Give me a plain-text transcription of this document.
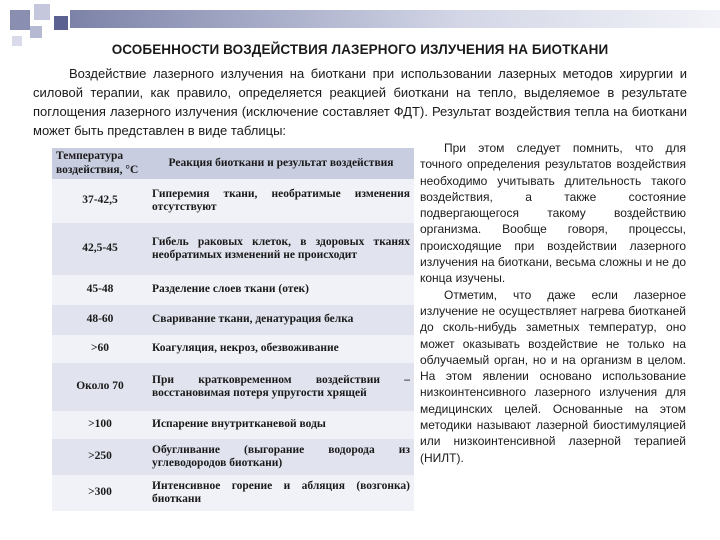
ОСОБЕННОСТИ ВОЗДЕЙСТВИЯ ЛАЗЕРНОГО ИЗЛУЧЕНИЯ НА БИОТКАНИ
Воздействие лазерного излучения на биоткани при использовании лазерных методов хирургии и силовой терапии, как правило, определяется реакцией биоткани на тепло, выделяемое в результате поглощения лазерного излучения (исключение составляет ФДТ). Результат воздействия тепла на биоткани может быть представлен в виде таблицы:
Температура воздействия, °С	Реакция биоткани и результат воздействия
37-42,5	Гиперемия ткани, необратимые изменения отсутствуют
42,5-45	Гибель раковых клеток, в здоровых тканях необратимых изменений не происходит
45-48	Разделение слоев ткани (отек)
48-60	Сваривание ткани, денатурация белка
>60	Коагуляция, некроз, обезвоживание
Около 70	При кратковременном воздействии – восстановимая потеря упругости хрящей
>100	Испарение внутритканевой воды
>250	Обугливание (выгорание водорода из углеводородов биоткани)
>300	Интенсивное горение и абляция (возгонка) биоткани

При этом следует помнить, что для точного определения результатов воздействия необходимо учитывать длительность такого воздействия, а также состояние подвергающегося такому воздействию организма. Вообще говоря, процессы, происходящие при воздействии лазерного излучения на биоткани, весьма сложны и не до конца изучены.

Отметим, что даже если лазерное излучение не осуществляет нагрева биотканей до сколь-нибудь заметных температур, оно может оказывать воздействие не только на облучаемый орган, но и на организм в целом. На этом явлении основано использование низкоинтенсивного лазерного излучения для медицинских целей. Основанные на этом методики называют лазерной биостимуляцией или низкоинтенсивной лазерной терапией (НИЛТ).
